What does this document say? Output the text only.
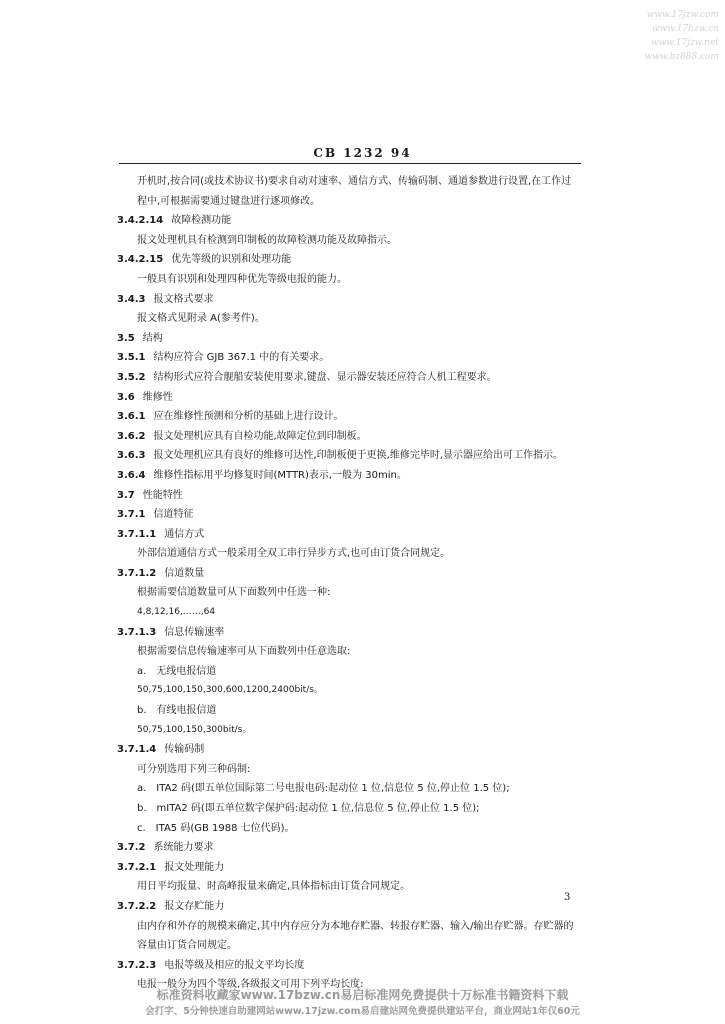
www.17jzw.com
www.17bzw.cn
www.17jzw.net
www.bz888.com
CB 1232 94
开机时,按合同(或技术协议书)要求自动对速率、通信方式、传输码制、通道参数进行设置,在工作过程中,可根据需要通过键盘进行逐项修改。
3.4.2.14 故障检测功能
报文处理机具有检测到印制板的故障检测功能及故障指示。
3.4.2.15 优先等级的识别和处理功能
一般具有识别和处理四种优先等级电报的能力。
3.4.3 报文格式要求
报文格式见附录 A(参考件)。
3.5 结构
3.5.1 结构应符合 GJB 367.1 中的有关要求。
3.5.2 结构形式应符合舰船安装使用要求,键盘、显示器安装还应符合人机工程要求。
3.6 维修性
3.6.1 应在维修性预测和分析的基础上进行设计。
3.6.2 报文处理机应具有自检功能,故障定位到印制板。
3.6.3 报文处理机应具有良好的维修可达性,印制板便于更换,维修完毕时,显示器应给出可工作指示。
3.6.4 维修性指标用平均修复时间(MTTR)表示,一般为 30min。
3.7 性能特性
3.7.1 信道特征
3.7.1.1 通信方式
外部信道通信方式一般采用全双工串行异步方式,也可由订货合同规定。
3.7.1.2 信道数量
根据需要信道数量可从下面数列中任选一种:
4,8,12,16,……,64
3.7.1.3 信息传输速率
根据需要信息传输速率可从下面数列中任意选取:
a.　无线电报信道
50,75,100,150,300,600,1200,2400bit/s。
b.　有线电报信道
50,75,100,150,300bit/s。
3.7.1.4 传输码制
可分别选用下列三种码制:
a.　ITA2 码(即五单位国际第二号电报电码:起动位 1 位,信息位 5 位,停止位 1.5 位);
b.　mITA2 码(即五单位数字保护码:起动位 1 位,信息位 5 位,停止位 1.5 位);
c.　ITA5 码(GB 1988 七位代码)。
3.7.2 系统能力要求
3.7.2.1 报文处理能力
用日平均报量、时高峰报量来确定,具体指标由订货合同规定。
3.7.2.2 报文存贮能力
由内存和外存的规模来确定,其中内存应分为本地存贮器、转报存贮器、输入/输出存贮器。存贮器的容量由订货合同规定。
3.7.2.3 电报等级及相应的报文平均长度
电报一般分为四个等级,各级报文可用下列平均长度:
3
标准资料收藏家www.17bzw.cn易启标准网免费提供十万标准书籍资料下载
会打字、5分钟快速自助建网站www.17jzw.com易启建站网免费提供建站平台，商业网站1年仅60元
